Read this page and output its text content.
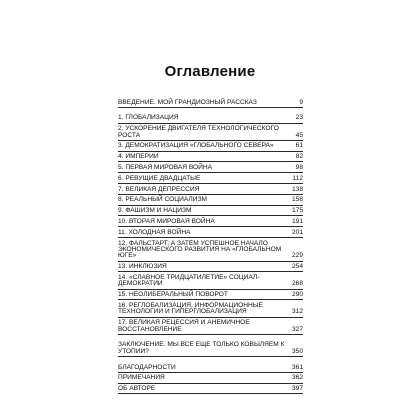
Оглавление
ВВЕДЕНИЕ. МОЙ ГРАНДИОЗНЫЙ РАССКАЗ	9
1. ГЛОБАЛИЗАЦИЯ	23
2. УСКОРЕНИЕ ДВИГАТЕЛЯ ТЕХНОЛОГИЧЕСКОГО РОСТА	45
3. ДЕМОКРАТИЗАЦИЯ «ГЛОБАЛЬНОГО СЕВЕРА»	61
4. ИМПЕРИИ	82
5. ПЕРВАЯ МИРОВАЯ ВОЙНА	98
6. РЕВУЩИЕ ДВАДЦАТЫЕ	112
7. ВЕЛИКАЯ ДЕПРЕССИЯ	138
8. РЕАЛЬНЫЙ СОЦИАЛИЗМ	158
9. ФАШИЗМ И НАЦИЗМ	175
10. ВТОРАЯ МИРОВАЯ ВОЙНА	191
11. ХОЛОДНАЯ ВОЙНА	201
12. ФАЛЬСТАРТ, А ЗАТЕМ УСПЕШНОЕ НАЧАЛО ЭКОНОМИЧЕСКОГО РАЗВИТИЯ НА «ГЛОБАЛЬНОМ ЮГЕ»	229
13. ИНКЛЮЗИЯ	254
14. «СЛАВНОЕ ТРИДЦАТИЛЕТИЕ» СОЦИАЛ-ДЕМОКРАТИИ	268
15. НЕОЛИБЕРАЛЬНЫЙ ПОВОРОТ	290
16. РЕГЛОБАЛИЗАЦИЯ, ИНФОРМАЦИОННЫЕ ТЕХНОЛОГИИ И ГИПЕРГЛОБАЛИЗАЦИЯ	312
17. ВЕЛИКАЯ РЕЦЕССИЯ И АНЕМИЧНОЕ ВОССТАНОВЛЕНИЕ	327
ЗАКЛЮЧЕНИЕ. МЫ ВСЕ ЕЩЕ ТОЛЬКО КОВЫЛЯЕМ К УТОПИИ?	350
БЛАГОДАРНОСТИ	361
ПРИМЕЧАНИЯ	362
ОБ АВТОРЕ	397
